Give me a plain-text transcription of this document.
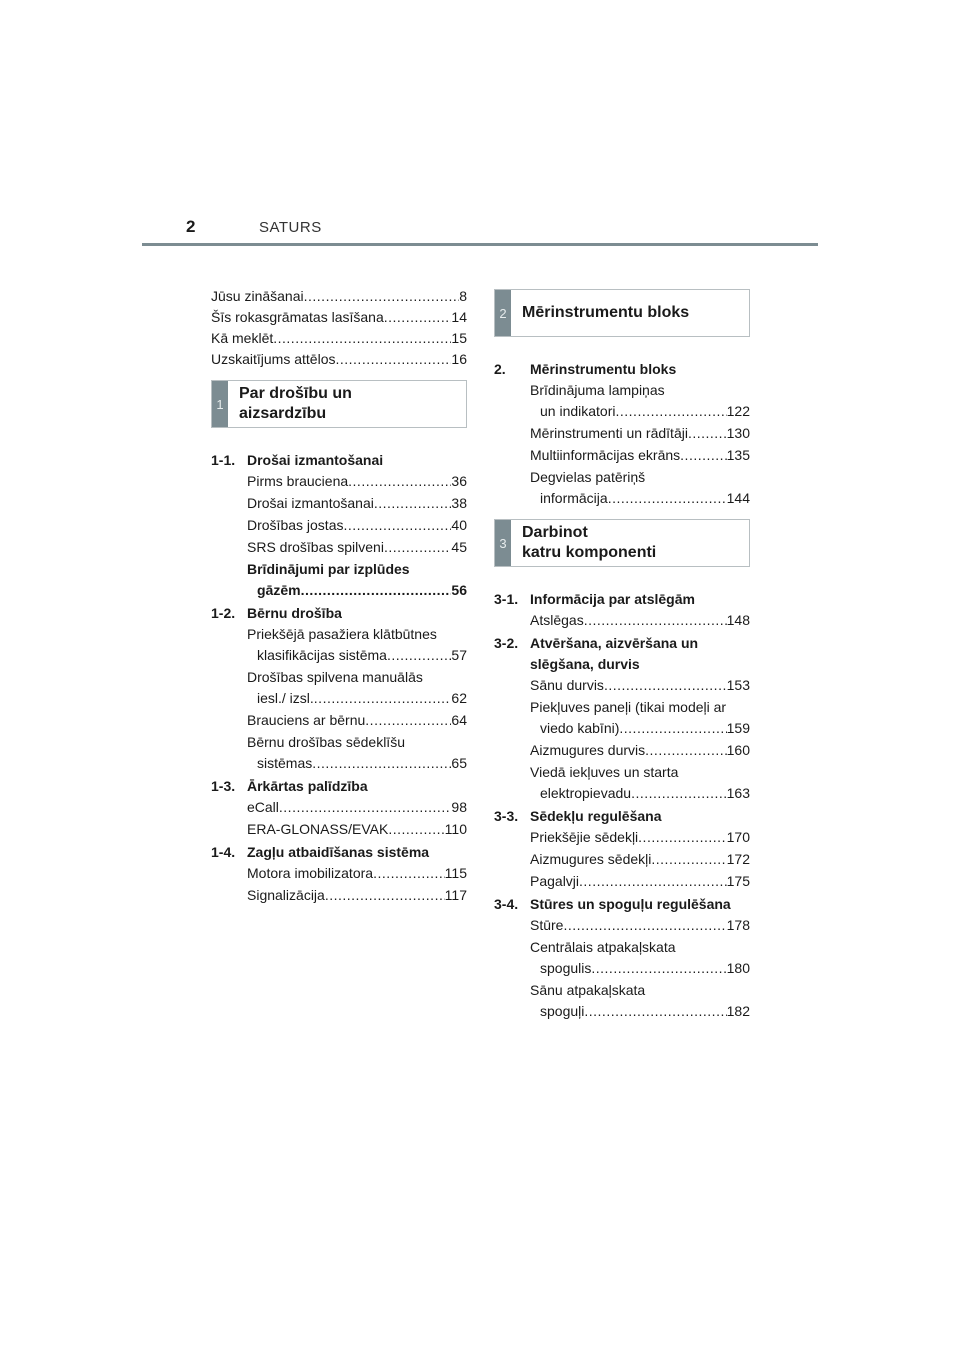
2	SATURS
Jūsu zināšanai .....	8
Šīs rokasgrāmatas lasīšana .....	14
Kā meklēt .....	15
Uzskaitījums attēlos .....	16
1
Par drošību un
aizsardzību
1-1. Drošai izmantošanai
Pirms brauciena .....	36
Drošai izmantošanai .....	38
Drošības jostas .....	40
SRS drošības spilveni .....	45
Brīdinājumi par izplūdes
gāzēm .....	56
1-2. Bērnu drošība
Priekšējā pasažiera klātbūtnes
klasifikācijas sistēma .....	57
Drošības spilvena manuālās
iesl./ izsl. .....	62
Brauciens ar bērnu .....	64
Bērnu drošības sēdeklīšu
sistēmas .....	65
1-3. Ārkārtas palīdzība
eCall .....	98
ERA-GLONASS/EVAK .....	110
1-4. Zagļu atbaidīšanas sistēma
Motora imobilizatora .....	115
Signalizācija .....	117
2 Mērinstrumentu bloks
2.	Mērinstrumentu bloks
Brīdinājuma lampiņas
un indikatori .....	122
Mērinstrumenti un rādītāji .....	130
Multiinformācijas ekrāns .....	135
Degvielas patēriņš
informācija .....	144
3
Darbinot
katru komponenti
3-1. Informācija par atslēgām
Atslēgas .....	148
3-2. Atvēršana, aizvēršana un
slēgšana, durvis
Sānu durvis .....	153
Piekļuves paneļi (tikai modeļi ar
viedo kabīni) .....	159
Aizmugures durvis .....	160
Viedā iekļuves un starta
elektropievadu .....	163
3-3. Sēdekļu regulēšana
Priekšējie sēdekļi .....	170
Aizmugures sēdekļi .....	172
Pagalvji .....	175
3-4. Stūres un spoguļu regulēšana
Stūre .....	178
Centrālais atpakaļskata
spogulis .....	180
Sānu atpakaļskata
spoguļi .....	182
